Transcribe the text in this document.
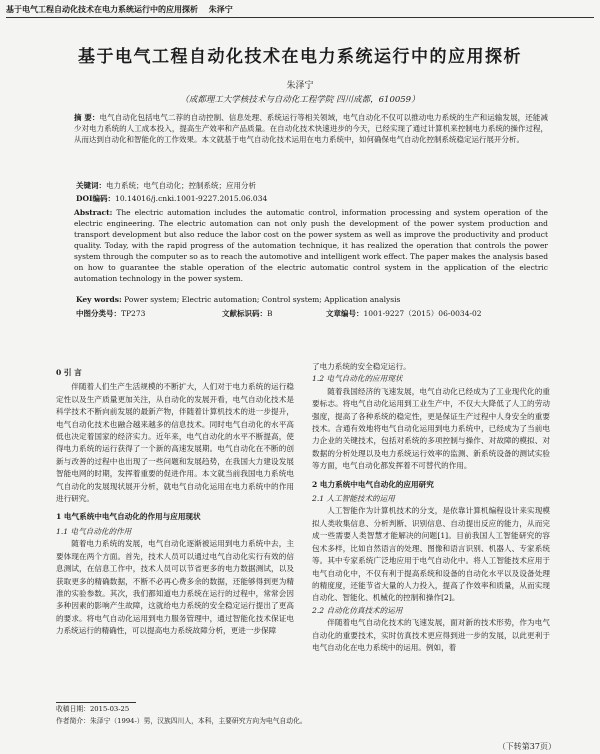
基于电气工程自动化技术在电力系统运行中的应用探析 朱泽宁
基于电气工程自动化技术在电力系统运行中的应用探析
朱泽宁
（成都理工大学核技术与自动化工程学院 四川成都，610059）
摘 要：电气自动化包括电气二荐的自动控制、信息处理、系统运行等相关领域，电气自动化不仅可以推动电力系统的生产和运输发展，还能减少对电力系统的人工成本投入，提高生产效率和产品质量。在自动化技术快速进步的今天，已经实现了通过计算机来控制电力系统的操作过程，从而达到自动化和智能化的工作效果。本文就基于电气自动化技术运用在电力系统中，如何确保电气自动化控制系统稳定运行展开分析。
关键词：电力系统；电气自动化；控制系统；应用分析
DOI编码：10.14016/j.cnki.1001-9227.2015.06.034
Abstract: The electric automation includes the automatic control, information processing and system operation of the electric engineering. The electric automation can not only push the development of the power system production and transport development but also reduce the labor cost on the power system as well as improve the productivity and product quality. Today, with the rapid progress of the automation technique, it has realized the operation that controls the power system through the computer so as to reach the automotive and intelligent work effect. The paper makes the analysis based on how to guarantee the stable operation of the electric automatic control system in the application of the electric automation technology in the power system.
Key words: Power system; Electric automation; Control system; Application analysis
中图分类号：TP273	文献标识码：B	文章编号：1001-9227（2015）06-0034-02
0 引 言

伴随着人们生产生活规模的不断扩大，人们对于电力系统的运行稳定性以及生产质量更加关注，从自动化的发展开看，电气自动化技术是科学技术不断向前发展的最新产物，伴随着计算机技术的进一步提升，电气自动化技术也融合越来越多的信息技术。同时电气自动化的水平高低也决定着国家的经济实力。近年来，电气自动化的水平不断提高，使得电力系统的运行获得了一个新的高速发展期。电气自动化在不断的创新与改善的过程中也出现了一些问题和发展趋势，在我国大力建设发展智能电网的时期，发挥着重要的促进作用。本文就当前我国电力系统电气自动化的发展现状展开分析，就电气自动化运用在电力系统中的作用进行研究。

1 电气系统中电气自动化的作用与应用现状
1.1 电气自动化的作用

随着电力系统的发展，电气自动化逐渐被运用到电力系统中去，主要体现在两个方面。首先，技术人员可以通过电气自动化实行有效的信息测试，在信息工作中，技术人员可以节省更多的电力数据测试，以及获取更多的精确数据，不断不必再心费多余的数据，还能够得到更为精准的实验参数。其次，我们都知道电力系统在运行的过程中，常常会因多种因素的影响产生故障，这就给电力系统的安全稳定运行提出了更高的要求。将电气自动化运用到电力服务管理中，通过智能化技术保证电力系统运行的精确性，可以提高电力系统故障分析，更进一步保障

了电力系统的安全稳定运行。

1.2 电气自动化的应用现状

随着我国经济的飞速发展，电气自动化已经成为了工业现代化的重要标志。将电气自动化运用到工业生产中，不仅大大降低了人工的劳动强度，提高了各种系统的稳定性，更是保证生产过程中人身安全的重要技术。含通有效地将电气自动化运用到电力系统中，已经成为了当前电力企业的关键技术，包括对系统的多项控制与操作、对故障的模拟、对数据的分析处理以及电力系统运行效率的监测、新系统设备的测试实验等方面，电气自动化都发挥着不可替代的作用。

2 电力系统中电气自动化的应用研究
2.1 人工智能技术的运用

人工智能作为计算机技术的分支，是依靠计算机编程设计来实现模拟人类收集信息、分析判断、识别信息、自动提出反应的能力，从而完成一些需要人类智慧才能解决的问题[1]。目前我国人工智能研究的容包术多样，比如自然语言的处理、图像和语言识别、机器人、专家系统等。其中专家系统广泛地应用于电气自动化中。将人工智能技术应用于电气自动化中，不仅有利于提高系统和设备的自动化水平以及设备处理的精度度，还能节省大量的人力投入，提高了作效率和质量，从而实现自动化、智能化、机械化的控制和操作[2]。

2.2 自动化仿真技术的运用

伴随着电气自动化技术的飞速发展，面对新的技术形势，作为电气自动化的重要技术，实时仿真技术更应得到进一步的发展，以此更利于电气自动化在电力系统中的运用。例如，着

收稿日期：2015-03-25
作者简介：朱泽宁（1994-）男，汉族四川人，本科，主要研究方向为电气自动化。
（下转第37页）
